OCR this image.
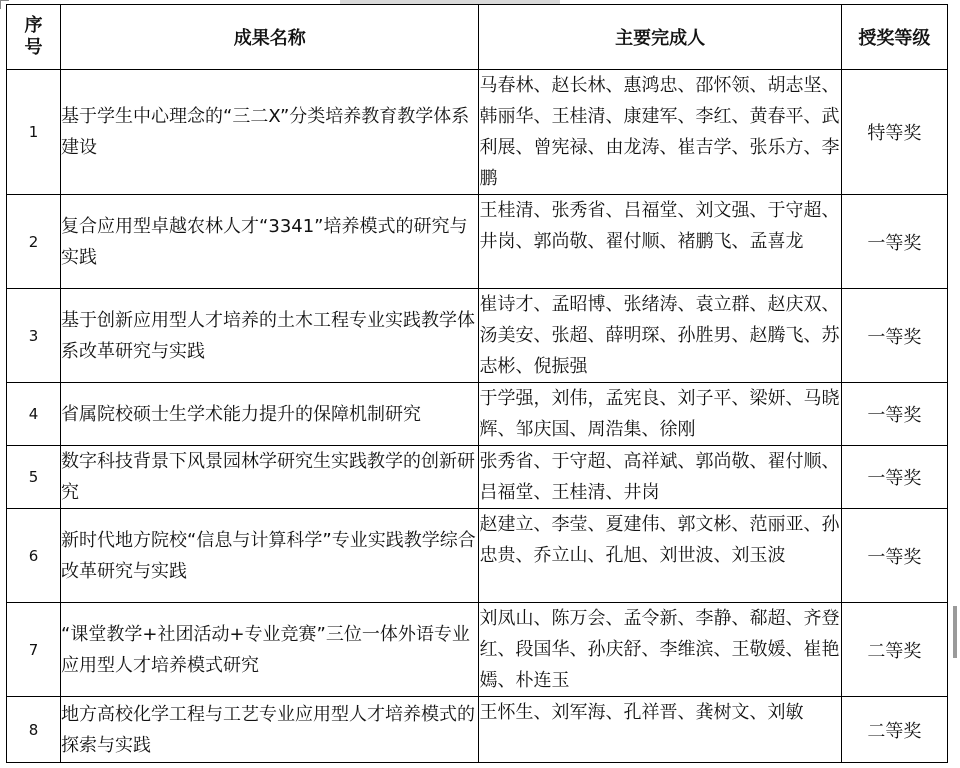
序
号	成果名称	主要完成人	授奖等级
1	基于学生中心理念的“三二X”分类培养教育教学体系建设	马春林、赵长林、惠鸿忠、邵怀领、胡志坚、韩丽华、王桂清、康建军、李红、黄春平、武利展、曾宪禄、由龙涛、崔吉学、张乐方、李鹏	特等奖
2	复合应用型卓越农林人才“3341”培养模式的研究与实践	王桂清、张秀省、吕福堂、刘文强、于守超、井岗、郭尚敬、翟付顺、褚鹏飞、孟喜龙	一等奖
3	基于创新应用型人才培养的土木工程专业实践教学体系改革研究与实践	崔诗才、孟昭博、张绪涛、袁立群、赵庆双、汤美安、张超、薛明琛、孙胜男、赵腾飞、苏志彬、倪振强	一等奖
4	省属院校硕士生学术能力提升的保障机制研究	于学强，刘伟，孟宪良、刘子平、梁妍、马晓辉、邹庆国、周浩集、徐刚	一等奖
5	数字科技背景下风景园林学研究生实践教学的创新研究	张秀省、于守超、高祥斌、郭尚敬、翟付顺、吕福堂、王桂清、井岗	一等奖
6	新时代地方院校“信息与计算科学”专业实践教学综合改革研究与实践	赵建立、李莹、夏建伟、郭文彬、范丽亚、孙忠贵、乔立山、孔旭、刘世波、刘玉波	一等奖
7	“课堂教学+社团活动+专业竞赛”三位一体外语专业应用型人才培养模式研究	刘凤山、陈万会、孟令新、李静、郗超、齐登红、段国华、孙庆舒、李维滨、王敬媛、崔艳嫣、朴连玉	二等奖
8	地方高校化学工程与工艺专业应用型人才培养模式的探索与实践	王怀生、刘军海、孔祥晋、龚树文、刘敏	二等奖
